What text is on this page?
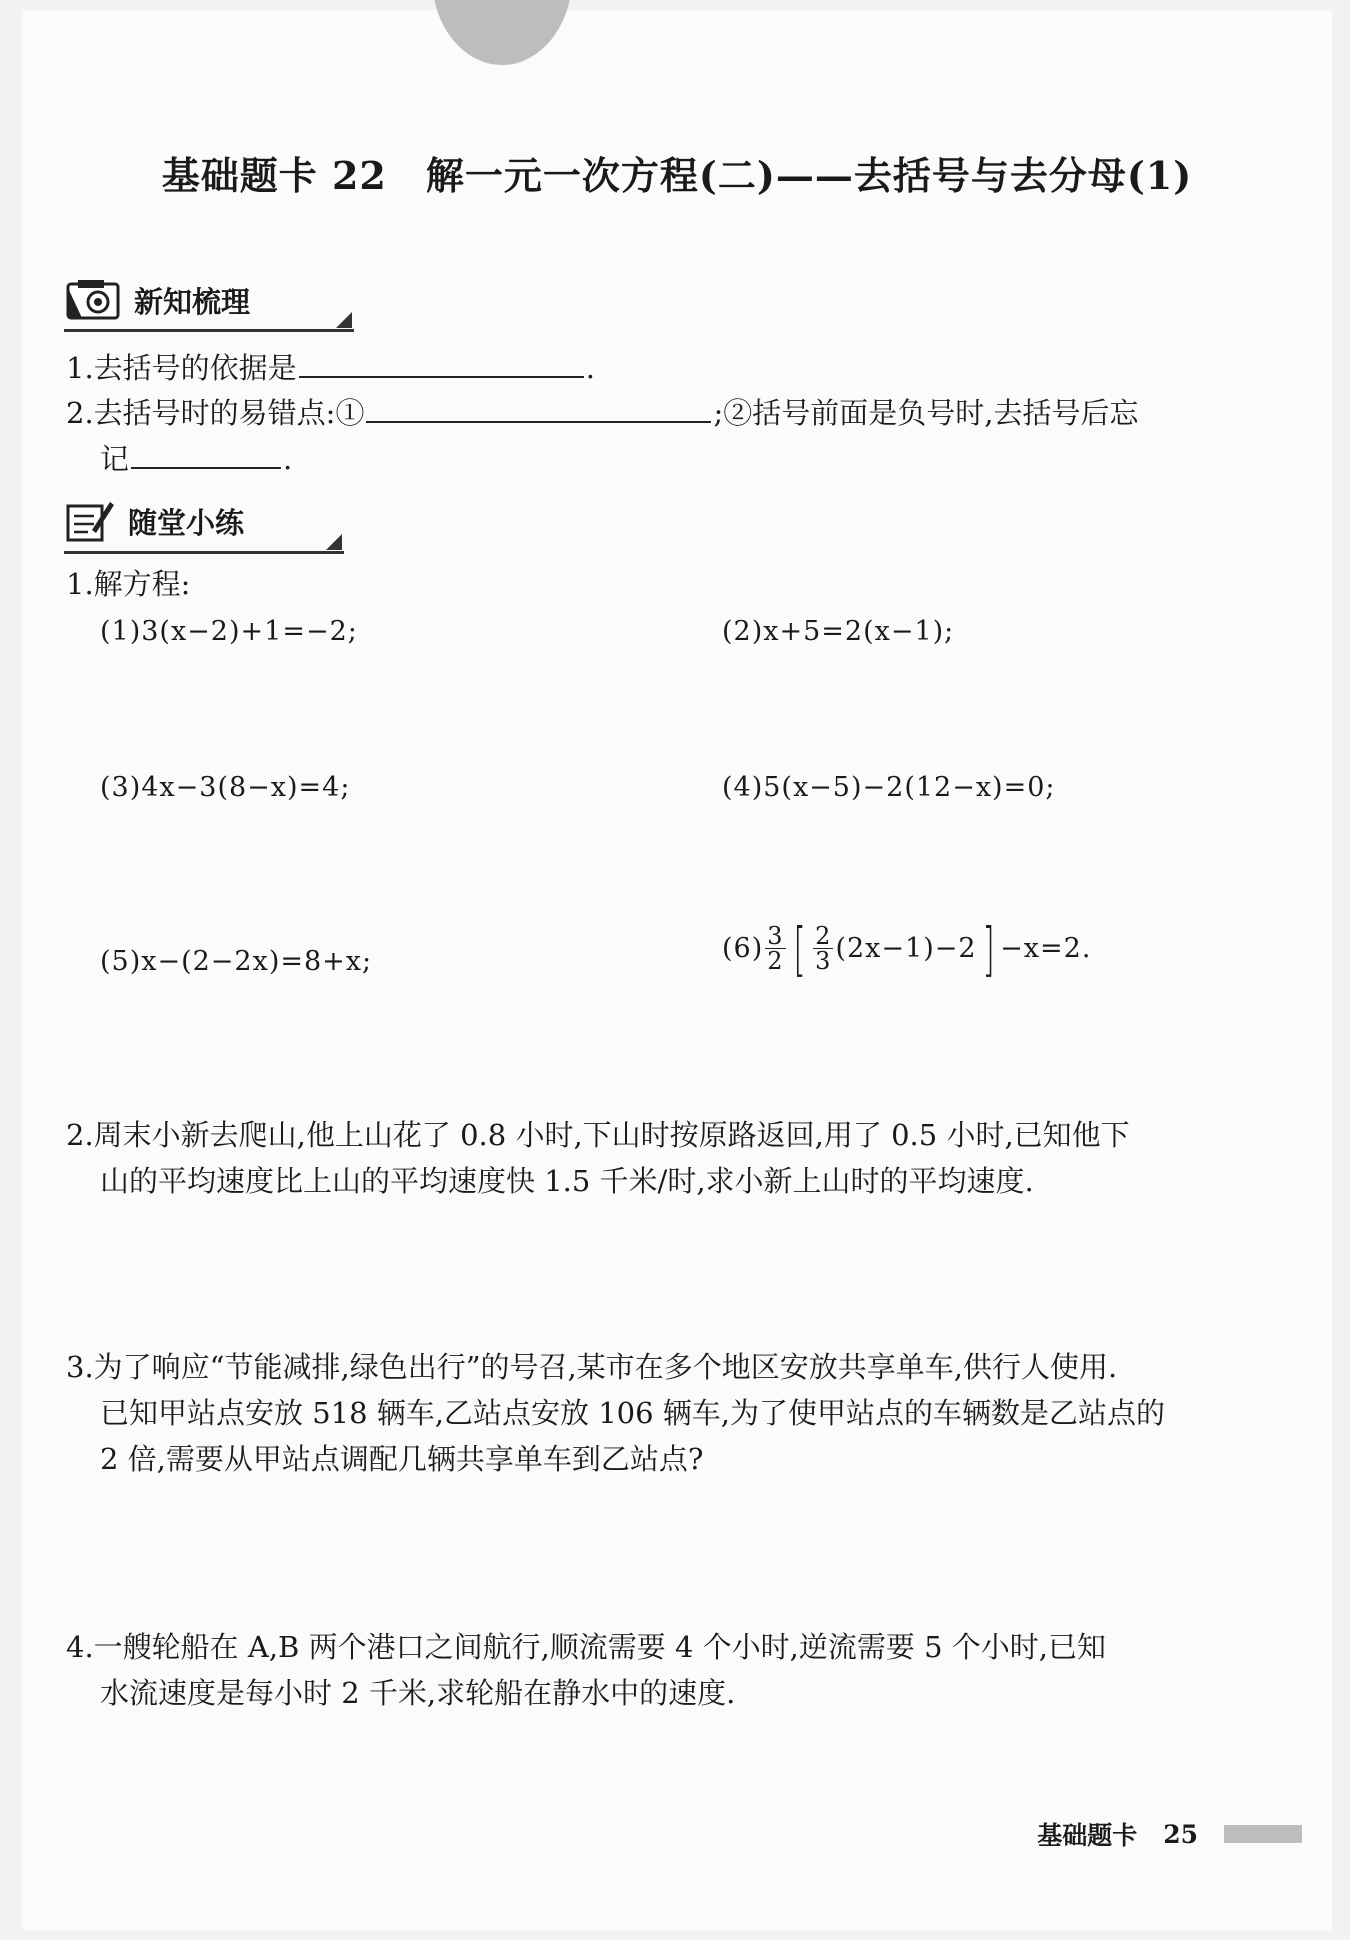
基础题卡 22　解一元一次方程(二)——去括号与去分母(1)
新知梳理
1.去括号的依据是	.
2.去括号时的易错点:①	;②括号前面是负号时,去括号后忘
记	.
随堂小练
1.解方程:
(1)3(x−2)+1=−2;	(2)x+5=2(x−1);
(3)4x−3(8−x)=4;	(4)5(x−5)−2(12−x)=0;
(5)x−(2−2x)=8+x;	$(6) \frac{3}{2}$ [ $\frac{2}{3} (2x-1)-2$ ] −x=2.
2.周末小新去爬山,他上山花了 0.8 小时,下山时按原路返回,用了 0.5 小时,已知他下
山的平均速度比上山的平均速度快 1.5 千米/时,求小新上山时的平均速度.
3.为了响应“节能减排,绿色出行”的号召,某市在多个地区安放共享单车,供行人使用.
已知甲站点安放 518 辆车,乙站点安放 106 辆车,为了使甲站点的车辆数是乙站点的
2 倍,需要从甲站点调配几辆共享单车到乙站点?
4.一艘轮船在 A,B 两个港口之间航行,顺流需要 4 个小时,逆流需要 5 个小时,已知
水流速度是每小时 2 千米,求轮船在静水中的速度.
基础题卡 25
